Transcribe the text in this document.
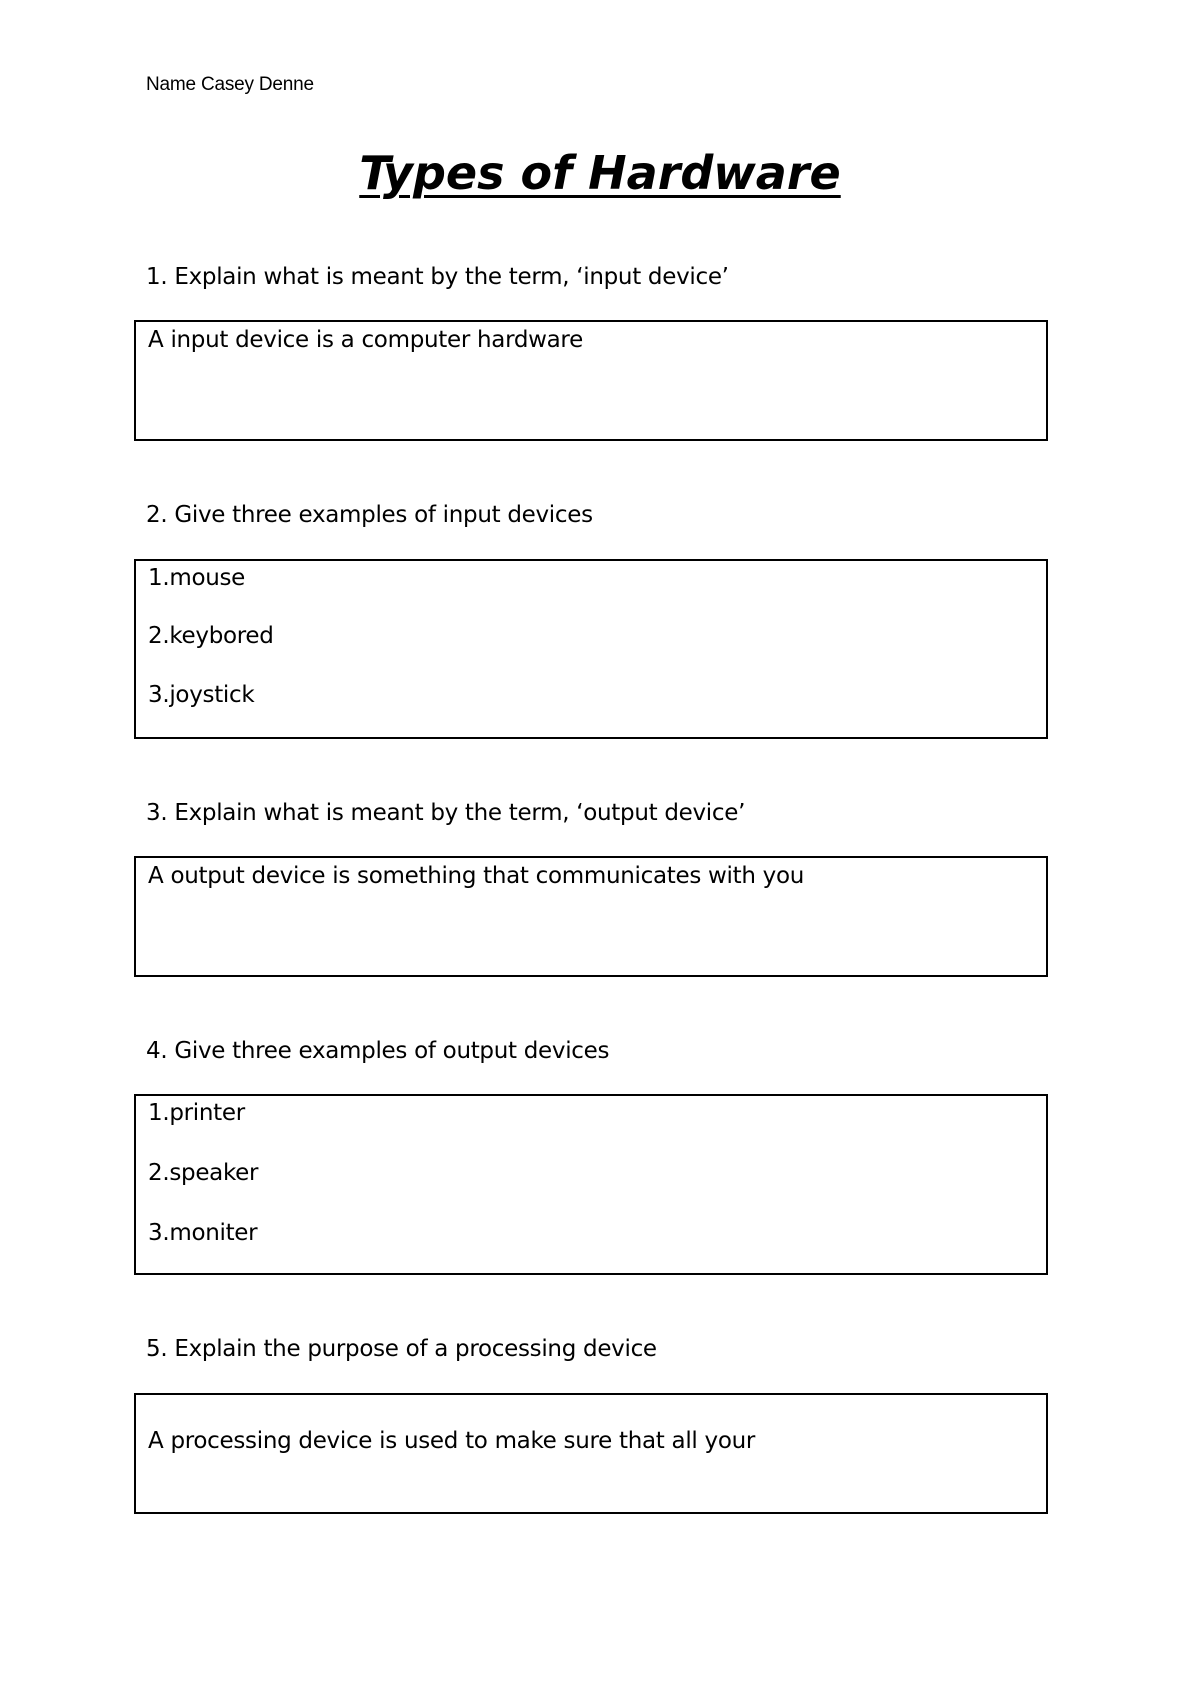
Name Casey Denne
Types of Hardware

1. Explain what is meant by the term, ‘input device’

A input device is a computer hardware

2. Give three examples of input devices

1.mouse
2.keybored
3.joystick

3. Explain what is meant by the term, ‘output device’

A output device is something that communicates with you

4. Give three examples of output devices

1.printer
2.speaker
3.moniter

5. Explain the purpose of a processing device

A processing device is used to make sure that all your
